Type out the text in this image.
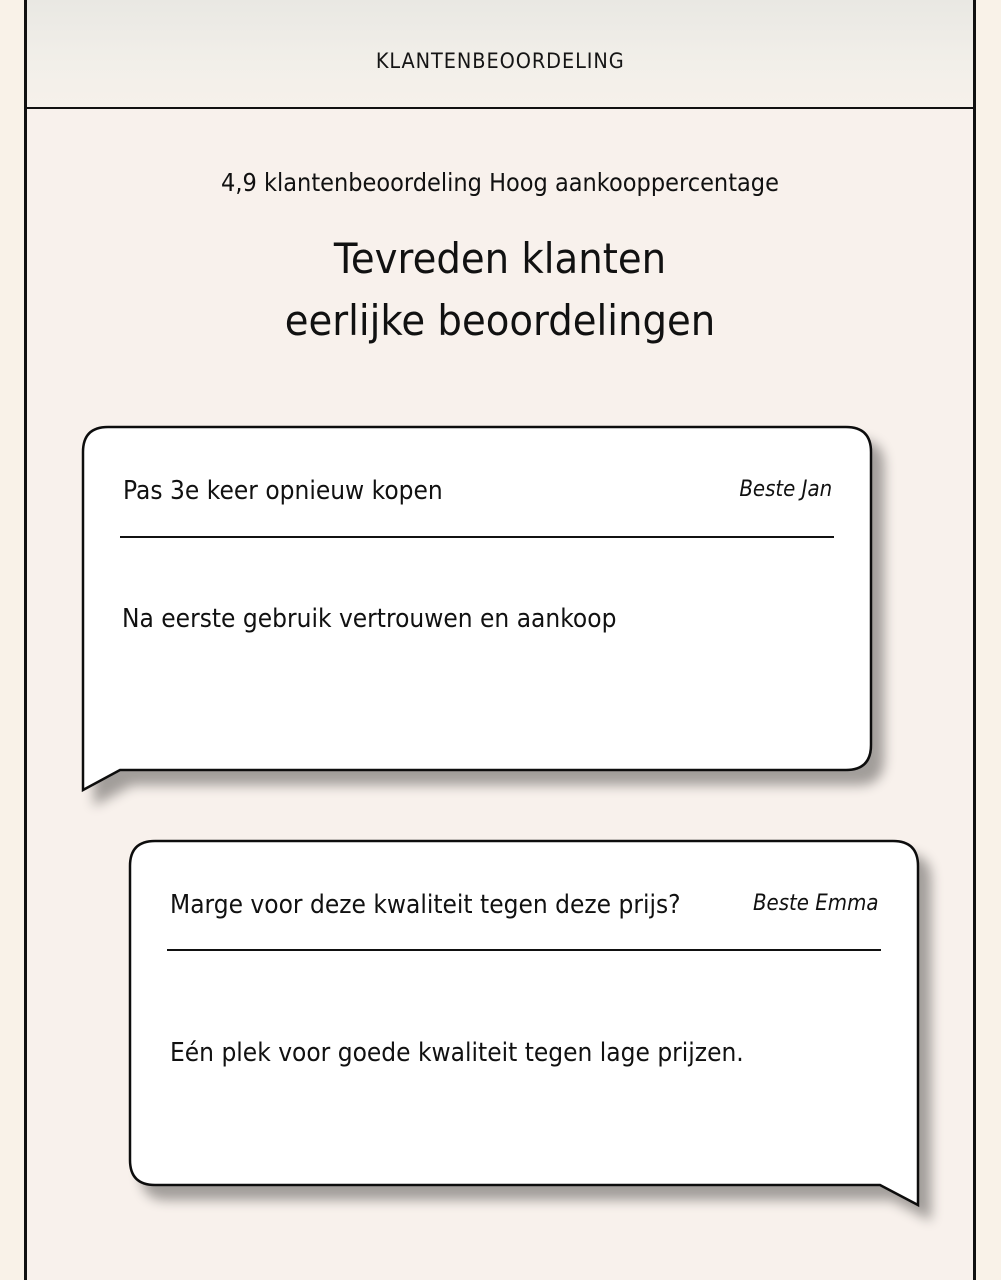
KLANTENBEOORDELING
4,9 klantenbeoordeling Hoog aankooppercentage
Tevreden klanten
eerlijke beoordelingen
Pas 3e keer opnieuw kopen	Beste Jan
Na eerste gebruik vertrouwen en aankoop
Marge voor deze kwaliteit tegen deze prijs?	Beste Emma
Eén plek voor goede kwaliteit tegen lage prijzen.
